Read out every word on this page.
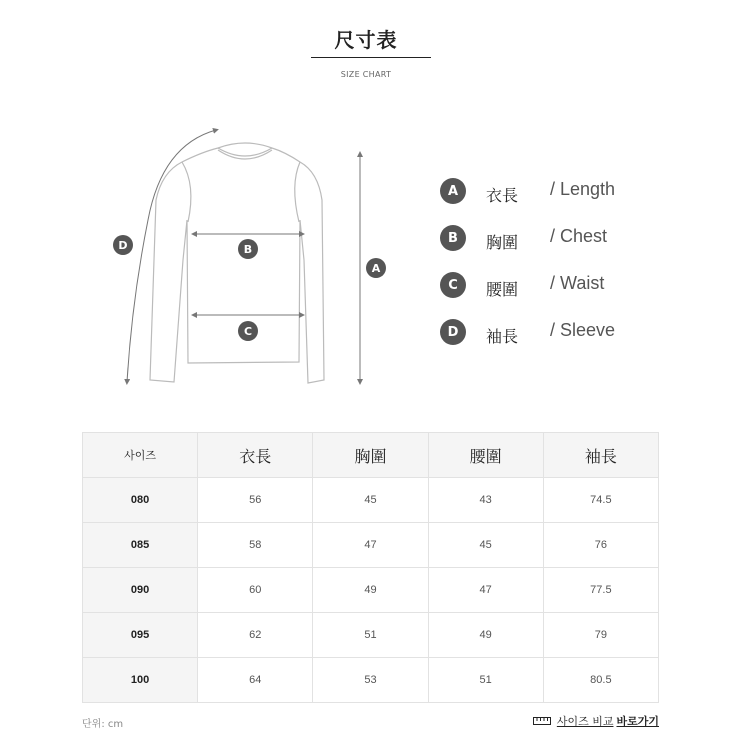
尺寸表
SIZE CHART
D	B
C
A
A	衣長 / Length
B	胸圍 / Chest
C	腰圍 / Waist
D	袖長 / Sleeve
사이즈	衣長	胸圍	腰圍	袖長
080	56	45	43	74.5
085	58	47	45	76
090	60	49	47	77.5
095	62	51	49	79
100	64	53	51	80.5
단위: cm	사이즈 비교 바로가기
